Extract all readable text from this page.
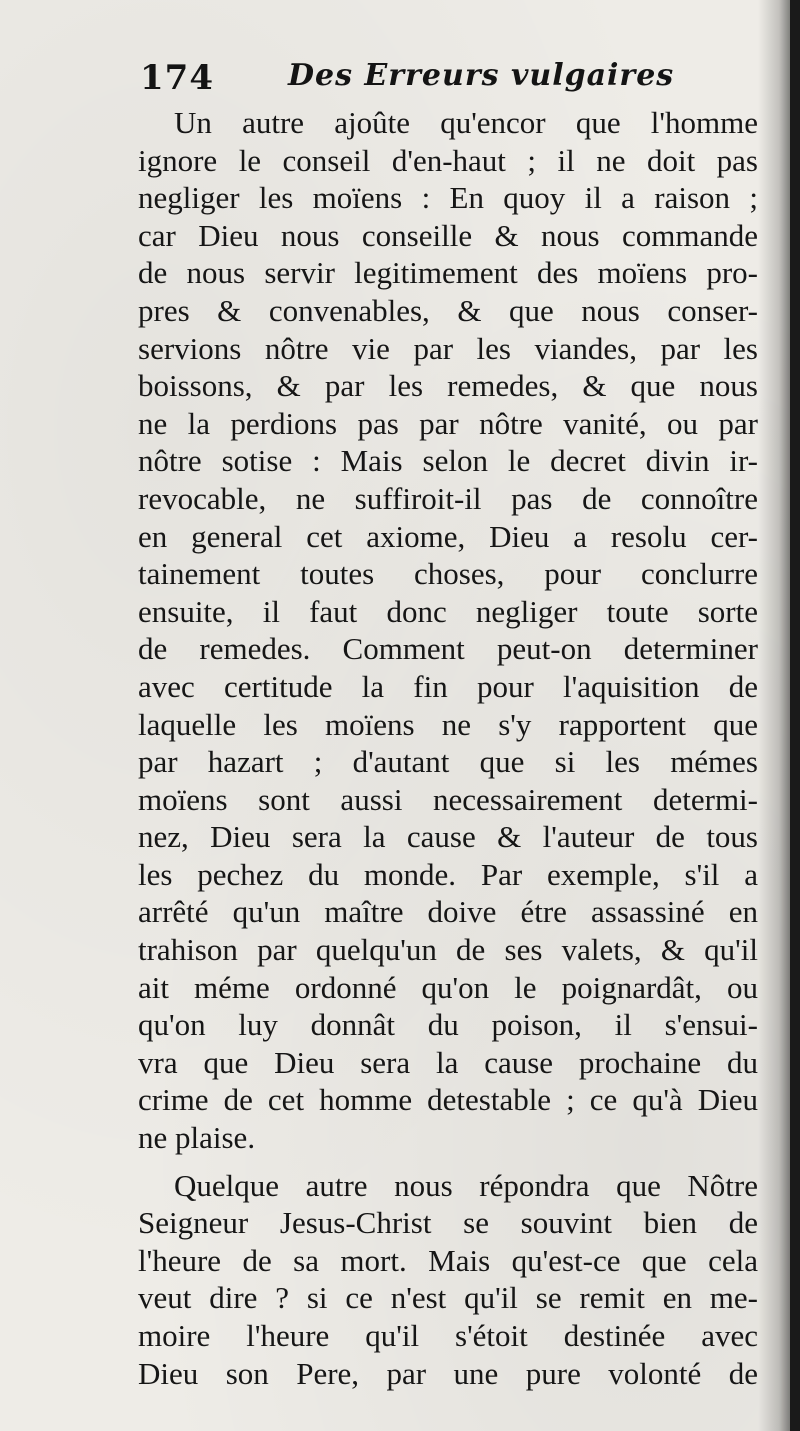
174 Des Erreurs vulgaires
Un autre ajoûte qu'encor que l'homme
ignore le conseil d'en-haut ; il ne doit pas
negliger les moïens : En quoy il a raison ;
car Dieu nous conseille & nous commande
de nous servir legitimement des moïens pro-
pres & convenables, & que nous conser-
servions nôtre vie par les viandes, par les
boissons, & par les remedes, & que nous
ne la perdions pas par nôtre vanité, ou par
nôtre sotise : Mais selon le decret divin ir-
revocable, ne suffiroit-il pas de connoître
en general cet axiome, Dieu a resolu cer-
tainement toutes choses, pour conclurre
ensuite, il faut donc negliger toute sorte
de remedes. Comment peut-on determiner
avec certitude la fin pour l'aquisition de
laquelle les moïens ne s'y rapportent que
par hazart ; d'autant que si les mémes
moïens sont aussi necessairement determi-
nez, Dieu sera la cause & l'auteur de tous
les pechez du monde. Par exemple, s'il a
arrêté qu'un maître doive étre assassiné en
trahison par quelqu'un de ses valets, & qu'il
ait méme ordonné qu'on le poignardât, ou
qu'on luy donnât du poison, il s'ensui-
vra que Dieu sera la cause prochaine du
crime de cet homme detestable ; ce qu'à Dieu
ne plaise.
Quelque autre nous répondra que Nôtre
Seigneur Jesus-Christ se souvint bien de
l'heure de sa mort. Mais qu'est-ce que cela
veut dire ? si ce n'est qu'il se remit en me-
moire l'heure qu'il s'étoit destinée avec
Dieu son Pere, par une pure volonté de
